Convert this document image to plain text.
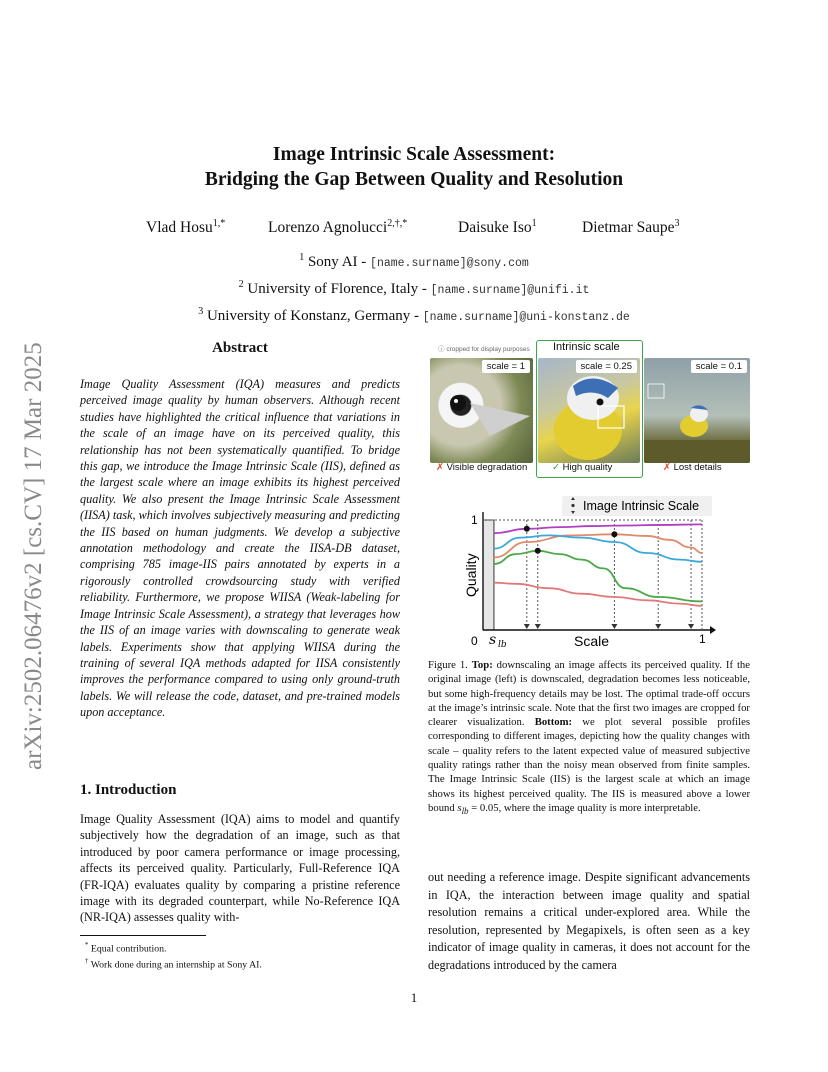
arXiv:2502.06476v2 [cs.CV] 17 Mar 2025
Image Intrinsic Scale Assessment:
Bridging the Gap Between Quality and Resolution
Vlad Hosu$^{1,*}$	Lorenzo Agnolucci$^{2,\dagger,*}$	Daisuke Iso$^1$	Dietmar Saupe$^3$
$^1$ Sony AI - [name.surname]@sony.com
$^2$ University of Florence, Italy - [name.surname]@unifi.it
$^3$ University of Konstanz, Germany - [name.surname]@uni-konstanz.de
Abstract
Image Quality Assessment (IQA) measures and predicts perceived image quality by human observers. Although recent studies have highlighted the critical influence that variations in the scale of an image have on its perceived quality, this relationship has not been systematically quantified. To bridge this gap, we introduce the Image Intrinsic Scale (IIS), defined as the largest scale where an image exhibits its highest perceived quality. We also present the Image Intrinsic Scale Assessment (IISA) task, which involves subjectively measuring and predicting the IIS based on human judgments. We develop a subjective annotation methodology and create the IISA-DB dataset, comprising 785 image-IIS pairs annotated by experts in a rigorously controlled crowdsourcing study with verified reliability. Furthermore, we propose WIISA (Weak-labeling for Image Intrinsic Scale Assessment), a strategy that leverages how the IIS of an image varies with downscaling to generate weak labels. Experiments show that applying WIISA during the training of several IQA methods adapted for IISA consistently improves the performance compared to using only ground-truth labels. We will release the code, dataset, and pre-trained models upon acceptance.
1. Introduction
Image Quality Assessment (IQA) aims to model and quantify subjectively how the degradation of an image, such as that introduced by poor camera performance or image processing, affects its perceived quality. Particularly, Full-Reference IQA (FR-IQA) evaluates quality by comparing a pristine reference image with its degraded counterpart, while No-Reference IQA (NR-IQA) assesses quality with-
* Equal contribution.
† Work done during an internship at Sony AI.
ⓘ cropped for display purposes Intrinsic scale
scale = 1	scale = 0.25	scale = 0.1
✗ Visible degradation	✓ High quality	✗ Lost details
0	1
1
Scale
Quality
s lb
Image Intrinsic Scale
Figure 1. Top: downscaling an image affects its perceived quality. If the original image (left) is downscaled, degradation becomes less noticeable, but some high-frequency details may be lost. The optimal trade-off occurs at the image’s intrinsic scale. Note that the first two images are cropped for clearer visualization. Bottom: we plot several possible profiles corresponding to different images, depicting how the quality changes with scale – quality refers to the latent expected value of measured subjective quality ratings rather than the noisy mean observed from finite samples. The Image Intrinsic Scale (IIS) is the largest scale at which an image shows its highest perceived quality. The IIS is measured above a lower bound $s_{lb} = 0.05$, where the image quality is more interpretable.
out needing a reference image. Despite significant advancements in IQA, the interaction between image quality and spatial resolution remains a critical under-explored area. While the resolution, represented by Megapixels, is often seen as a key indicator of image quality in cameras, it does not account for the degradations introduced by the camera
1
